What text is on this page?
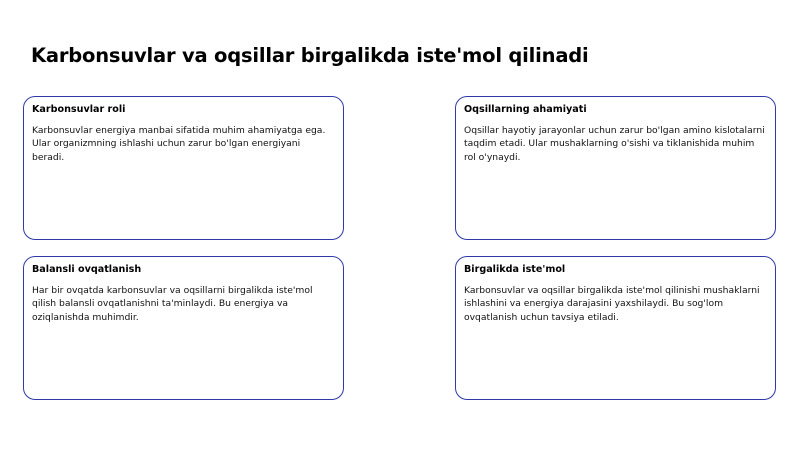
Karbonsuvlar va oqsillar birgalikda iste'mol qilinadi

Karbonsuvlar roli

Karbonsuvlar energiya manbai sifatida muhim ahamiyatga ega. Ular organizmning ishlashi uchun zarur bo'lgan energiyani beradi.

Oqsillarning ahamiyati

Oqsillar hayotiy jarayonlar uchun zarur bo'lgan amino kislotalarni taqdim etadi. Ular mushaklarning o'sishi va tiklanishida muhim rol o'ynaydi.

Balansli ovqatlanish

Har bir ovqatda karbonsuvlar va oqsillarni birgalikda iste'mol qilish balansli ovqatlanishni ta'minlaydi. Bu energiya va oziqlanishda muhimdir.

Birgalikda iste'mol

Karbonsuvlar va oqsillar birgalikda iste'mol qilinishi mushaklarni ishlashini va energiya darajasini yaxshilaydi. Bu sog'lom ovqatlanish uchun tavsiya etiladi.
